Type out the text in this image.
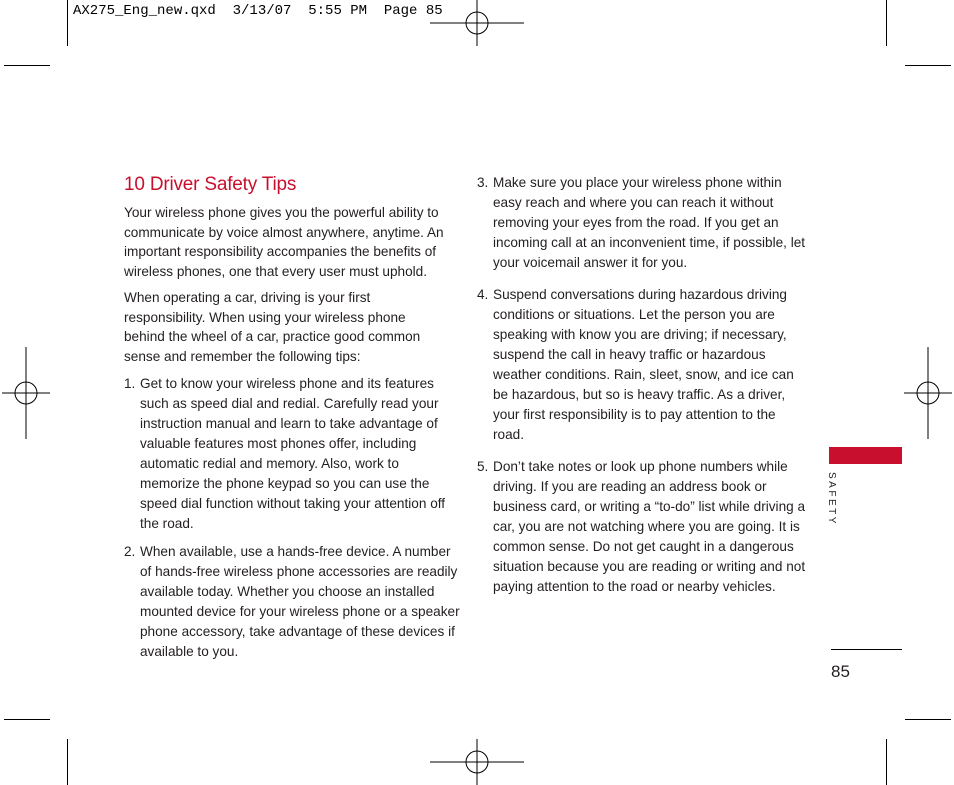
AX275_Eng_new.qxd  3/13/07  5:55 PM  Page 85
10 Driver Safety Tips

Your wireless phone gives you the powerful ability to communicate by voice almost anywhere, anytime. An important responsibility accompanies the benefits of wireless phones, one that every user must uphold.

When operating a car, driving is your first responsibility. When using your wireless phone behind the wheel of a car, practice good common sense and remember the following tips:

1. Get to know your wireless phone and its features such as speed dial and redial. Carefully read your instruction manual and learn to take advantage of valuable features most phones offer, including automatic redial and memory. Also, work to memorize the phone keypad so you can use the speed dial function without taking your attention off the road.
2. When available, use a hands-free device. A number of hands-free wireless phone accessories are readily available today. Whether you choose an installed mounted device for your wireless phone or a speaker phone accessory, take advantage of these devices if available to you.
3. Make sure you place your wireless phone within easy reach and where you can reach it without removing your eyes from the road. If you get an incoming call at an inconvenient time, if possible, let your voicemail answer it for you.
4. Suspend conversations during hazardous driving conditions or situations. Let the person you are speaking with know you are driving; if necessary, suspend the call in heavy traffic or hazardous weather conditions. Rain, sleet, snow, and ice can be hazardous, but so is heavy traffic. As a driver, your first responsibility is to pay attention to the road.
5. Don’t take notes or look up phone numbers while driving. If you are reading an address book or business card, or writing a “to-do” list while driving a car, you are not watching where you are going. It is common sense. Do not get caught in a dangerous situation because you are reading or writing and not paying attention to the road or nearby vehicles.
SAFETY
85
